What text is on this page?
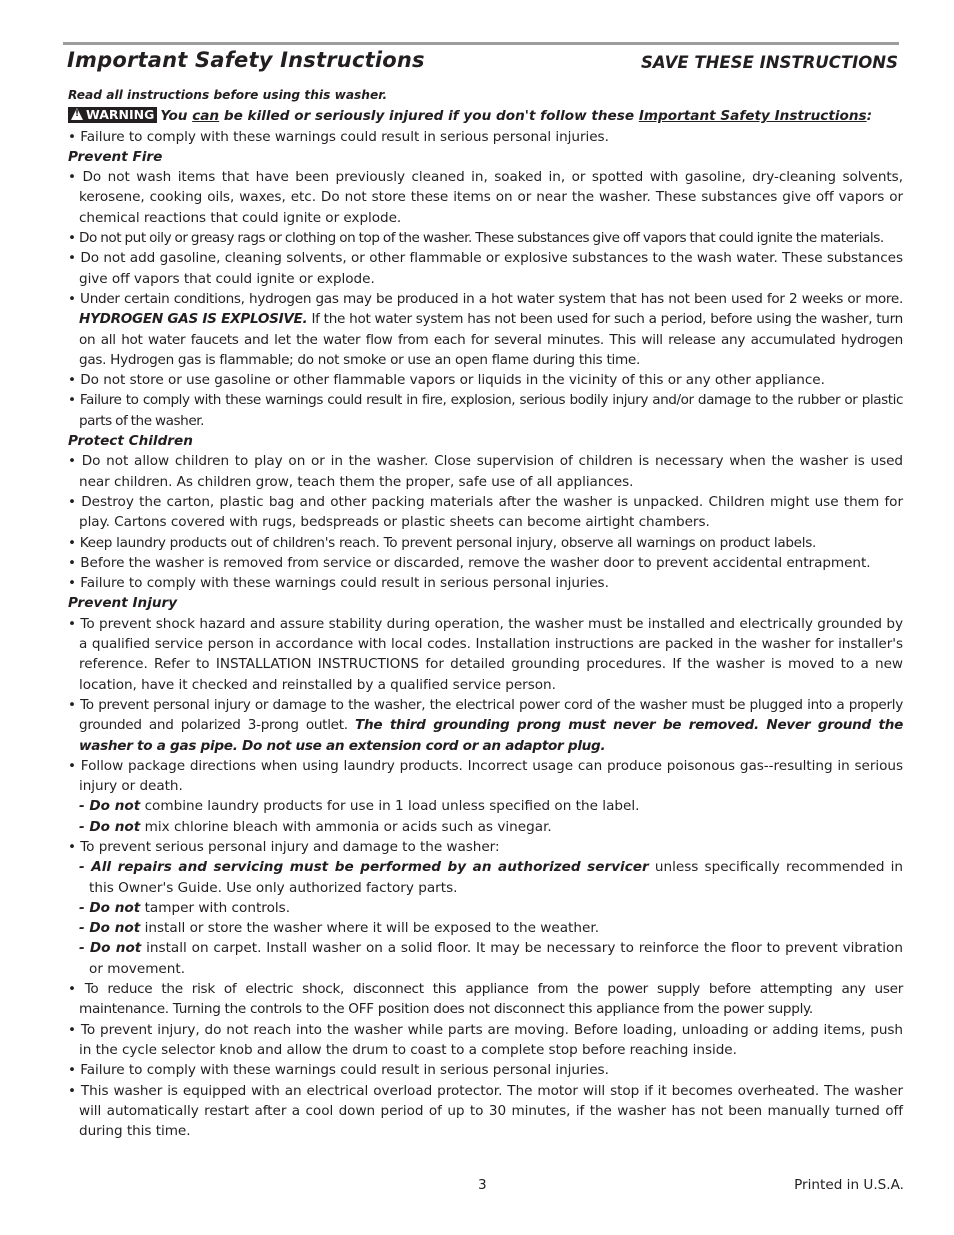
Important Safety Instructions	SAVE THESE INSTRUCTIONS
Read all instructions before using this washer.
!WARNING You can be killed or seriously injured if you don't follow these Important Safety Instructions:
• Failure to comply with these warnings could result in serious personal injuries.
Prevent Fire
• Do not wash items that have been previously cleaned in, soaked in, or spotted with gasoline, dry-cleaning solvents, kerosene, cooking oils, waxes, etc. Do not store these items on or near the washer. These substances give off vapors or chemical reactions that could ignite or explode.
• Do not put oily or greasy rags or clothing on top of the washer. These substances give off vapors that could ignite the materials.
• Do not add gasoline, cleaning solvents, or other flammable or explosive substances to the wash water. These substances give off vapors that could ignite or explode.
• Under certain conditions, hydrogen gas may be produced in a hot water system that has not been used for 2 weeks or more. HYDROGEN GAS IS EXPLOSIVE. If the hot water system has not been used for such a period, before using the washer, turn on all hot water faucets and let the water flow from each for several minutes. This will release any accumulated hydrogen gas. Hydrogen gas is flammable; do not smoke or use an open flame during this time.
• Do not store or use gasoline or other flammable vapors or liquids in the vicinity of this or any other appliance.
• Failure to comply with these warnings could result in fire, explosion, serious bodily injury and/or damage to the rubber or plastic parts of the washer.
Protect Children
• Do not allow children to play on or in the washer. Close supervision of children is necessary when the washer is used near children. As children grow, teach them the proper, safe use of all appliances.
• Destroy the carton, plastic bag and other packing materials after the washer is unpacked. Children might use them for play. Cartons covered with rugs, bedspreads or plastic sheets can become airtight chambers.
• Keep laundry products out of children's reach. To prevent personal injury, observe all warnings on product labels.
• Before the washer is removed from service or discarded, remove the washer door to prevent accidental entrapment.
• Failure to comply with these warnings could result in serious personal injuries.
Prevent Injury
• To prevent shock hazard and assure stability during operation, the washer must be installed and electrically grounded by a qualified service person in accordance with local codes. Installation instructions are packed in the washer for installer's reference. Refer to INSTALLATION INSTRUCTIONS for detailed grounding procedures. If the washer is moved to a new location, have it checked and reinstalled by a qualified service person.
• To prevent personal injury or damage to the washer, the electrical power cord of the washer must be plugged into a properly grounded and polarized 3-prong outlet. The third grounding prong must never be removed. Never ground the washer to a gas pipe. Do not use an extension cord or an adaptor plug.
• Follow package directions when using laundry products. Incorrect usage can produce poisonous gas--resulting in serious injury or death.
- Do not combine laundry products for use in 1 load unless specified on the label.
- Do not mix chlorine bleach with ammonia or acids such as vinegar.
• To prevent serious personal injury and damage to the washer:
- All repairs and servicing must be performed by an authorized servicer unless specifically recommended in this Owner's Guide. Use only authorized factory parts.
- Do not tamper with controls.
- Do not install or store the washer where it will be exposed to the weather.
- Do not install on carpet. Install washer on a solid floor. It may be necessary to reinforce the floor to prevent vibration or movement.
• To reduce the risk of electric shock, disconnect this appliance from the power supply before attempting any user maintenance. Turning the controls to the OFF position does not disconnect this appliance from the power supply.
• To prevent injury, do not reach into the washer while parts are moving. Before loading, unloading or adding items, push in the cycle selector knob and allow the drum to coast to a complete stop before reaching inside.
• Failure to comply with these warnings could result in serious personal injuries.
• This washer is equipped with an electrical overload protector. The motor will stop if it becomes overheated. The washer will automatically restart after a cool down period of up to 30 minutes, if the washer has not been manually turned off during this time.
3	Printed in U.S.A.
